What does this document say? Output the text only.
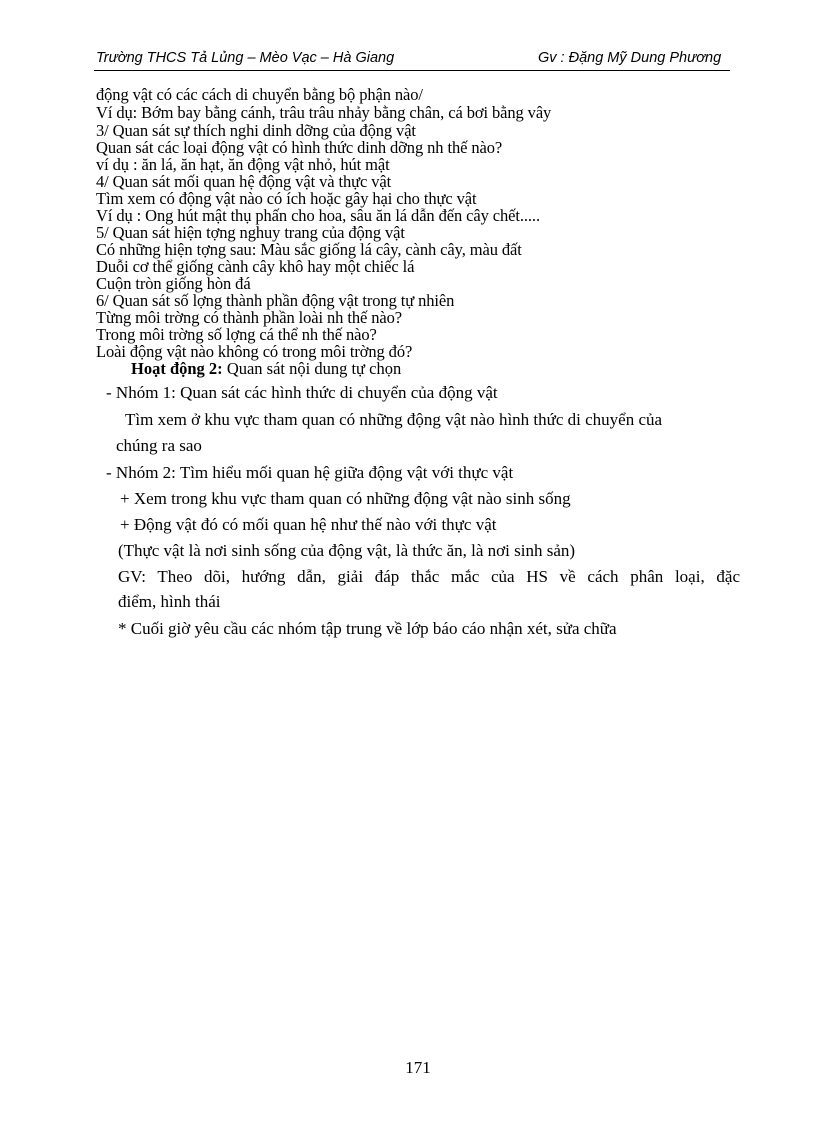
Trường THCS Tả Lủng – Mèo Vạc – Hà Giang	Gv : Đặng Mỹ Dung Phương
động vật có các cách di chuyển bằng bộ phận nào/
Ví dụ: Bớm bay bằng cánh, trâu trâu nhảy bằng chân, cá bơi bằng vây
3/ Quan sát sự thích nghi dinh dỡng của động vật
Quan sát các loại động vật có hình thức dinh dỡng nh thế nào?
ví dụ : ăn lá, ăn hạt, ăn động vật nhỏ, hút mật
4/ Quan sát mối quan hệ động vật và thực vật
Tìm xem có động vật nào có ích hoặc gây hại cho thực vật
Ví dụ : Ong hút mật thụ phấn cho hoa, sâu ăn lá dẫn đến cây chết.....
5/ Quan sát hiện tợng nghuy trang của động vật
Có những hiện tợng sau: Màu sắc giống lá cây, cành cây, màu đất
Duỗi cơ thể giống cành cây khô hay một chiếc lá
Cuộn tròn giống hòn đá
6/ Quan sát số lợng thành phần động vật trong tự nhiên
Từng môi trờng có thành phần loài nh thế nào?
Trong môi trờng số lợng cá thể nh thế nào?
Loài động vật nào không có trong môi trờng đó?
Hoạt động 2: Quan sát nội dung tự chọn
- Nhóm 1: Quan sát các hình thức di chuyển của động vật
Tìm xem ở khu vực tham quan có những động vật nào hình thức di chuyển của
chúng ra sao
- Nhóm 2: Tìm hiểu mối quan hệ giữa động vật với thực vật
+ Xem trong khu vực tham quan có những động vật nào sinh sống
+ Động vật đó có mối quan hệ như thế nào với thực vật
(Thực vật là nơi sinh sống của động vật, là thức ăn, là nơi sinh sản)
GV: Theo dõi, hướng dẫn, giải đáp thắc mắc của HS về cách phân loại, đặc
điểm, hình thái
* Cuối giờ yêu cầu các nhóm tập trung về lớp báo cáo nhận xét, sửa chữa
171
